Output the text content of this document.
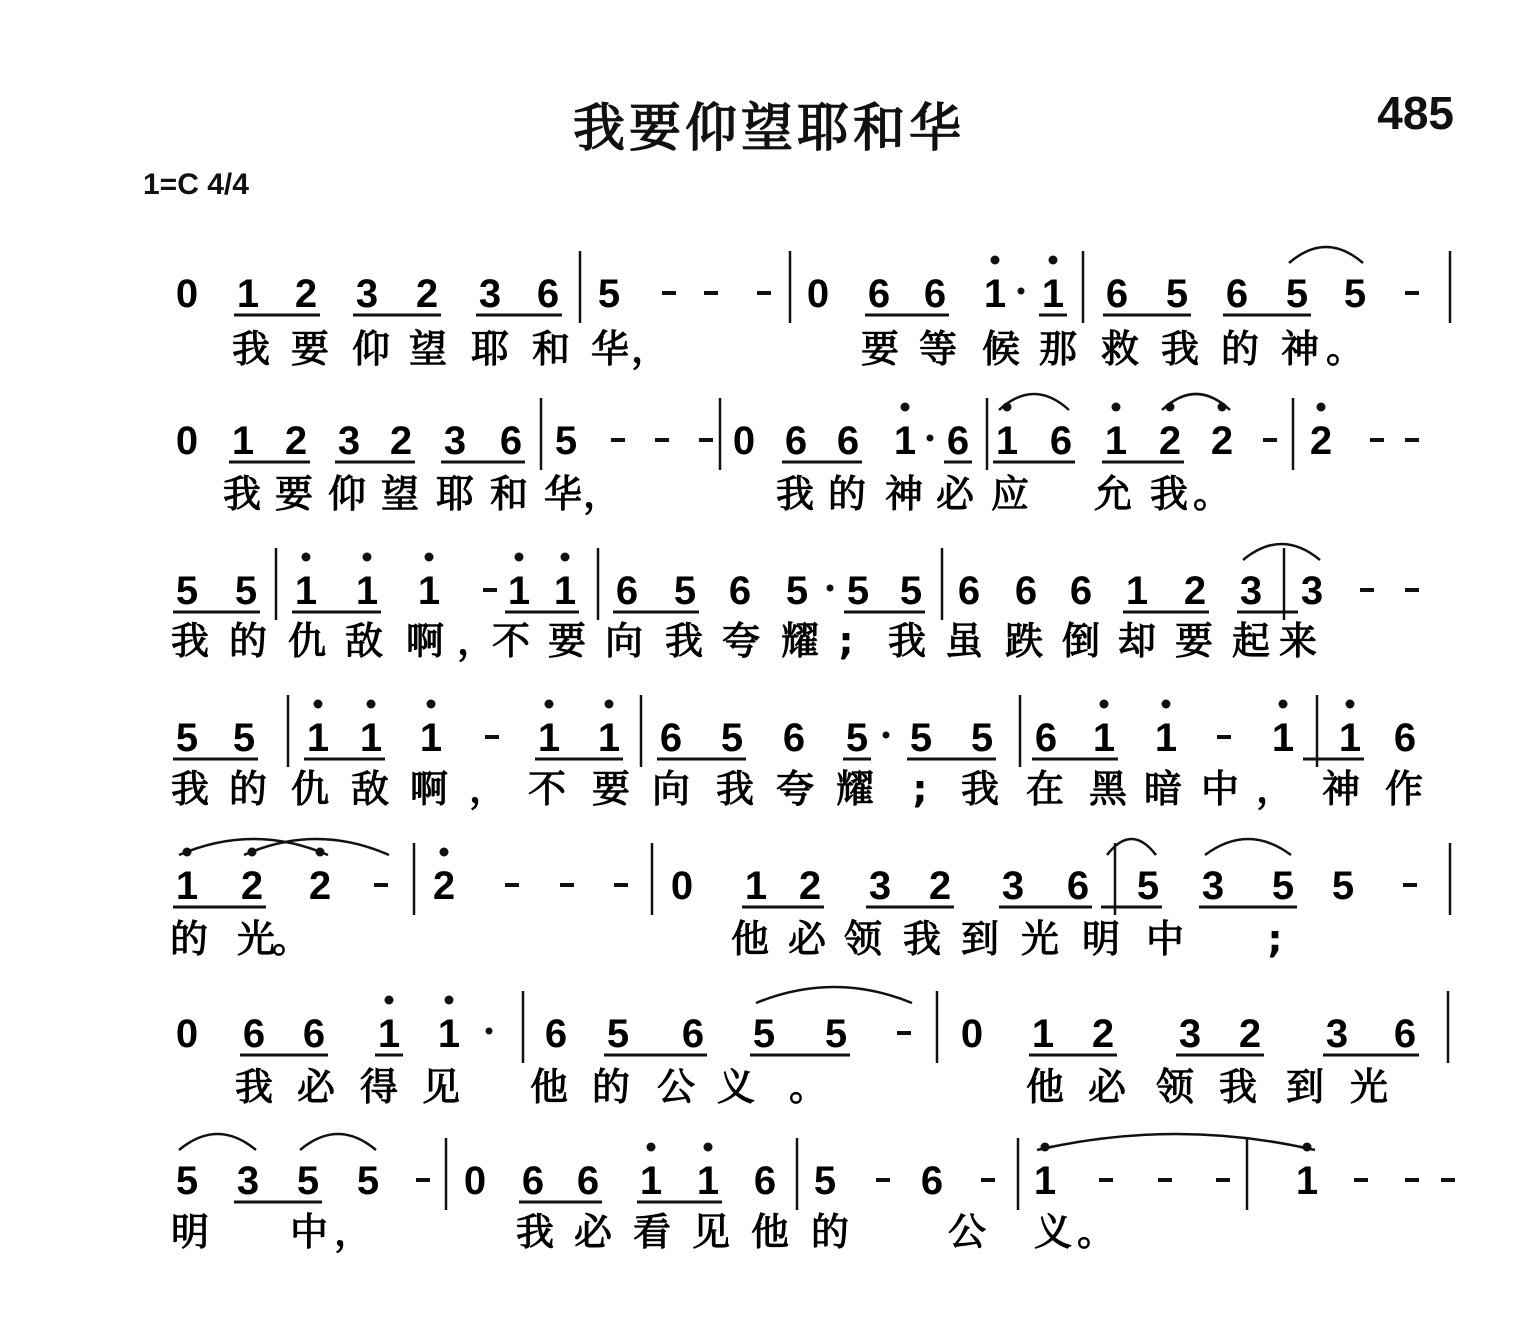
我要仰望耶和华	485
1=C 4/4
0 1 2 3 2 3 6 5	0 6 6 1 1 6 5 6 5 5
我 要 仰 望 耶 和 华 ，	要 等 候 那 救 我 的 神 。
0 1 2 3 2 3 6 5	0 6 6 1 6 1 6 1 2 2 2
我 要 仰 望 耶 和 华 ，	我 的 神 必 应 允 我 。
5 5 1 1 1 1 1 6 5 6 5 5 5 6 6 6 1 2 3 3
我 的 仇 敌 啊 ，
不 要 向 我 夸 耀 ; 我 虽 跌 倒 却 要 起 来
5 5 1 1 1 1 1 6 5 6 5 5 5 6 1 1 1 1 6
我 的 仇 敌 啊 ， 不 要 向 我 夸 耀 ; 我 在 黑 暗 中 ， 神 作
1 2 2	2	0 1 2 3 2 3 6 5 3 5 5
的 光
。	他 必 领 我 到 光 明 中 ;
0 6 6 1 1 6 5 6 5 5	0 1 2 3 2 3 6
我 必 得 见 他 的 公 义 。	他 必 领 我 到 光
5 3 5 5 0 6 6 1 1 6 5 6 1	1
明 中 ，	我 必 看 见 他 的	公 义 。
